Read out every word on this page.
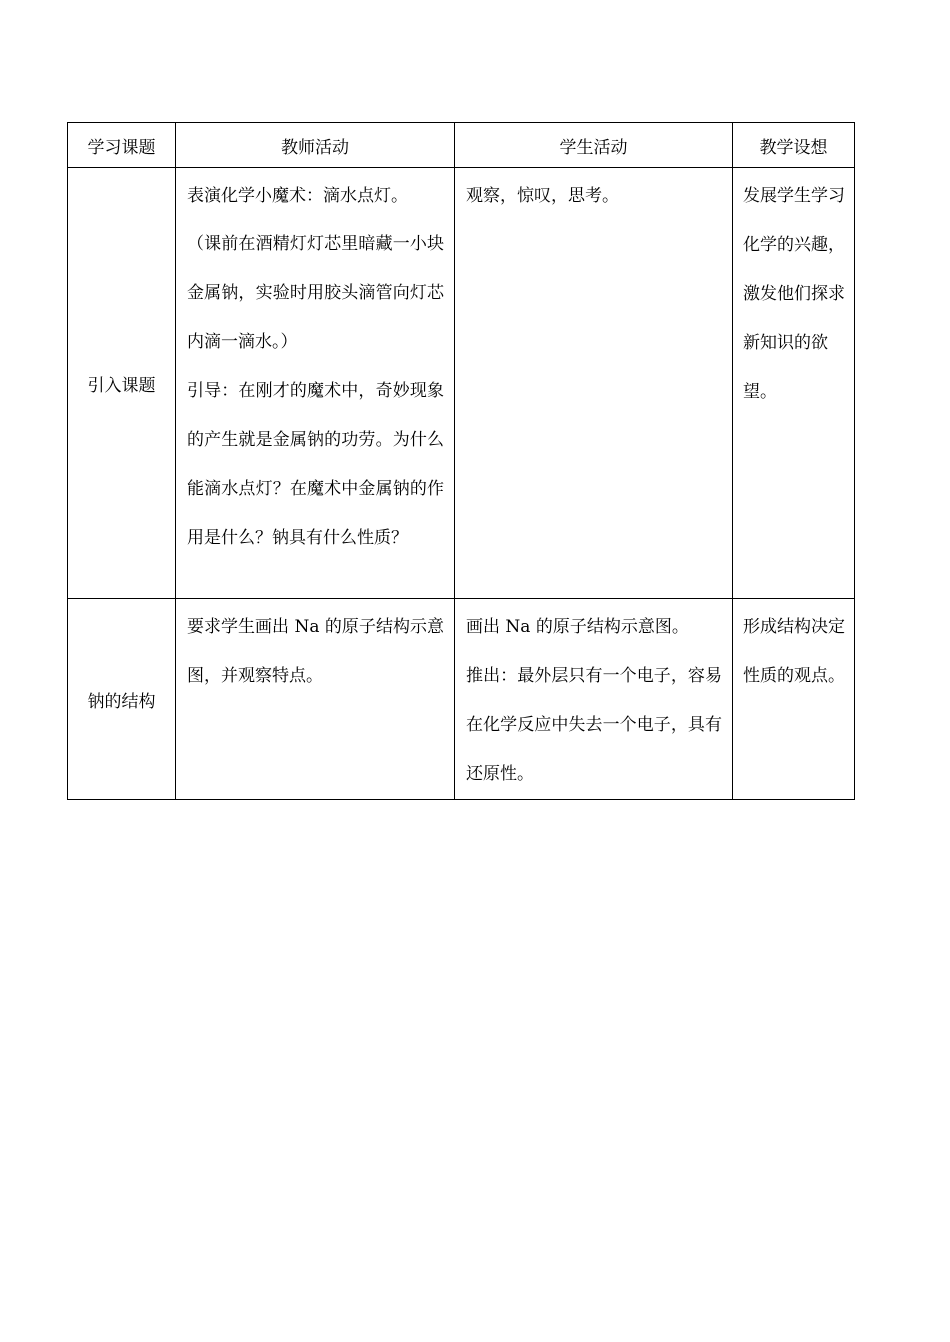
学习课题	教师活动	学生活动	教学设想
引入课题	表演化学小魔术：滴水点灯。

（课前在酒精灯灯芯里暗藏一小块金属钠，实验时用胶头滴管向灯芯内滴一滴水。）

引导：在刚才的魔术中，奇妙现象的产生就是金属钠的功劳。为什么能滴水点灯？在魔术中金属钠的作用是什么？钠具有什么性质？	观察，惊叹，思考。	发展学生学习化学的兴趣，激发他们探求新知识的欲望。

钠的结构	要求学生画出 Na 的原子结构示意图，并观察特点。	画出 Na 的原子结构示意图。

推出：最外层只有一个电子，容易在化学反应中失去一个电子，具有还原性。	形成结构决定性质的观点。
